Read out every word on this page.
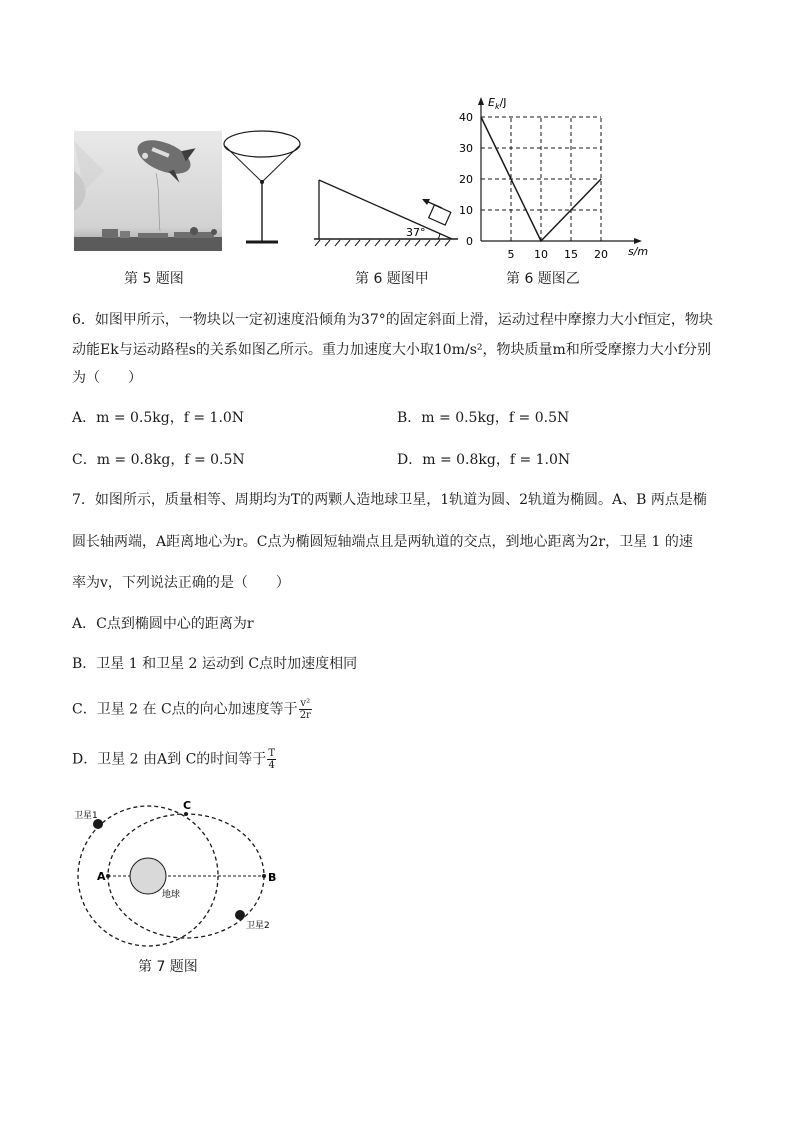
第 5 题图
37°
第 6 题图甲
$E_k/J$
s/m
5 10 15 20
0
10
20
30
40
第 6 题图乙
6．如图甲所示，一物块以一定初速度沿倾角为37°的固定斜面上滑，运动过程中摩擦力大小f恒定，物块
动能Ek与运动路程s的关系如图乙所示。重力加速度大小取10m/s²，物块质量m和所受摩擦力大小f分别
为（　　）
A．m = 0.5kg，f = 1.0N	B．m = 0.5kg，f = 0.5N
C．m = 0.8kg，f = 0.5N	D．m = 0.8kg，f = 1.0N
7．如图所示，质量相等、周期均为T的两颗人造地球卫星，1轨道为圆、2轨道为椭圆。A、B 两点是椭
圆长轴两端，A距离地心为r。C点为椭圆短轴端点且是两轨道的交点，到地心距离为2r，卫星 1 的速
率为v，下列说法正确的是（　　）
A．C点到椭圆中心的距离为r
B．卫星 1 和卫星 2 运动到 C点时加速度相同
C．卫星 2 在 C点的向心加速度等于 $\frac{\text{v²}}{2r}$
D．卫星 2 由A到 C的时间等于 $\frac{T}{4}$
地球
A	B
C
卫星1
卫星2
第 7 题图
